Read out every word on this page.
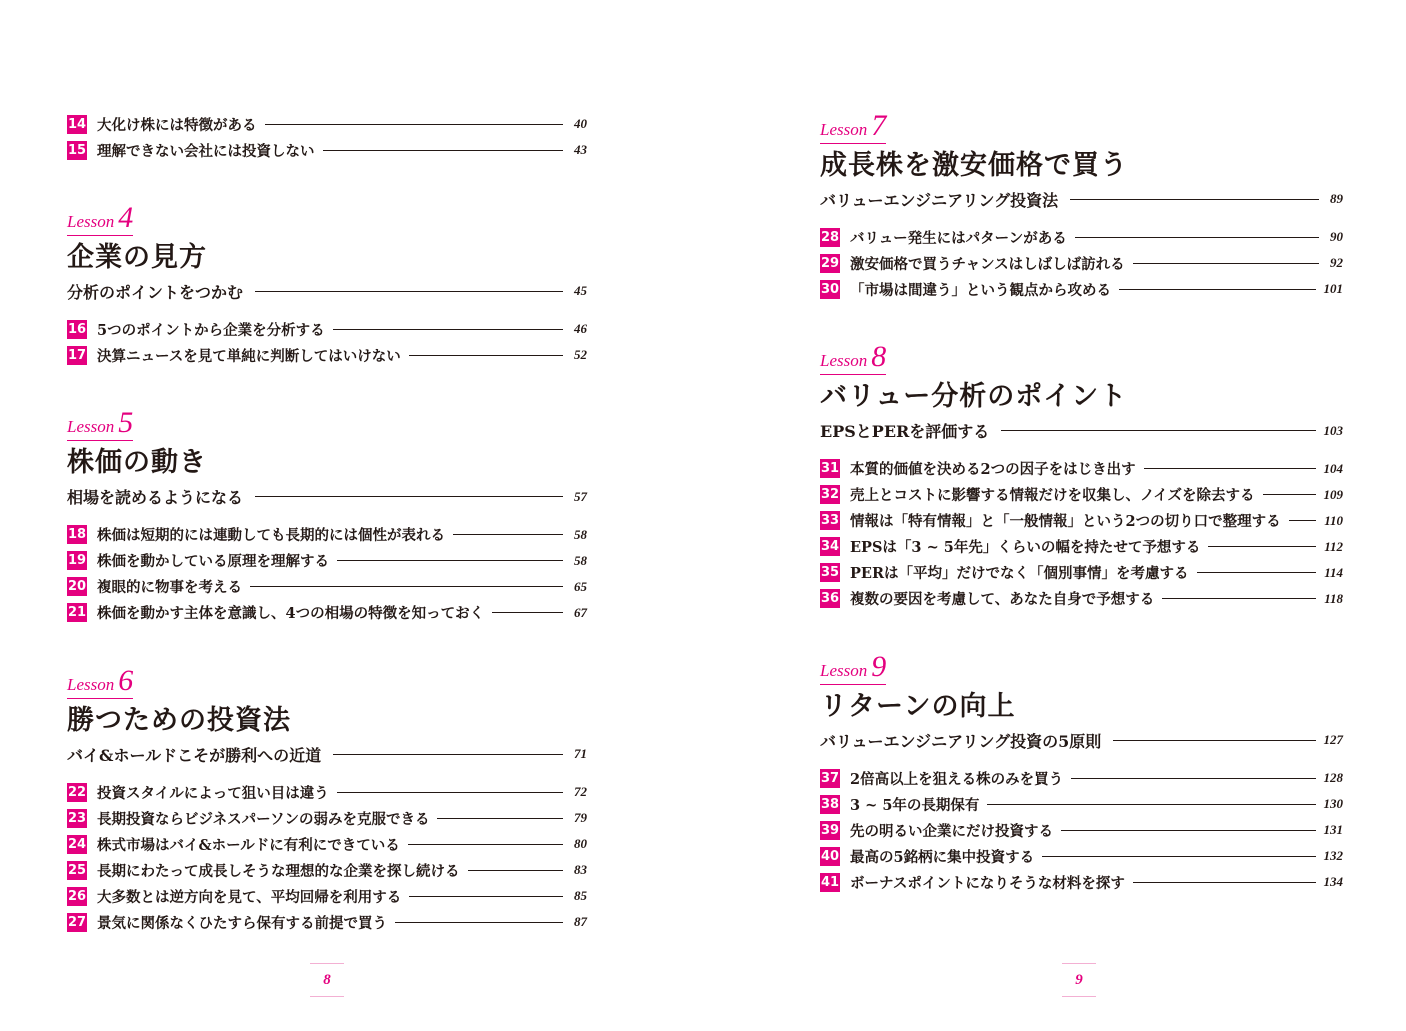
14 大化け株には特徴がある	40
15 理解できない会社には投資しない	43
Lesson 4
企業の見方
分析のポイントをつかむ	45
16 5つのポイントから企業を分析する	46
17 決算ニュースを見て単純に判断してはいけない	52
Lesson 5
株価の動き
相場を読めるようになる	57
18 株価は短期的には連動しても長期的には個性が表れる	58
19 株価を動かしている原理を理解する	58
20 複眼的に物事を考える	65
21 株価を動かす主体を意識し、4つの相場の特徴を知っておく	67
Lesson 6
勝つための投資法
バイ&ホールドこそが勝利への近道	71
22 投資スタイルによって狙い目は違う	72
23 長期投資ならビジネスパーソンの弱みを克服できる	79
24 株式市場はバイ&ホールドに有利にできている	80
25 長期にわたって成長しそうな理想的な企業を探し続ける	83
26 大多数とは逆方向を見て、平均回帰を利用する	85
27 景気に関係なくひたすら保有する前提で買う	87
8
Lesson 7
成長株を激安価格で買う
バリューエンジニアリング投資法	89
28 バリュー発生にはパターンがある	90
29 激安価格で買うチャンスはしばしば訪れる	92
30 「市場は間違う」という観点から攻める	101
Lesson 8
バリュー分析のポイント
EPSとPERを評価する	103
31 本質的価値を決める2つの因子をはじき出す	104
32 売上とコストに影響する情報だけを収集し、ノイズを除去する	109
33 情報は「特有情報」と「一般情報」という2つの切り口で整理する	110
34 EPSは「3 ~ 5年先」くらいの幅を持たせて予想する	112
35 PERは「平均」だけでなく「個別事情」を考慮する	114
36 複数の要因を考慮して、あなた自身で予想する	118
Lesson 9
リターンの向上
バリューエンジニアリング投資の5原則	127
37 2倍高以上を狙える株のみを買う	128
38 3 ~ 5年の長期保有	130
39 先の明るい企業にだけ投資する	131
40 最高の5銘柄に集中投資する	132
41 ボーナスポイントになりそうな材料を探す	134
9
